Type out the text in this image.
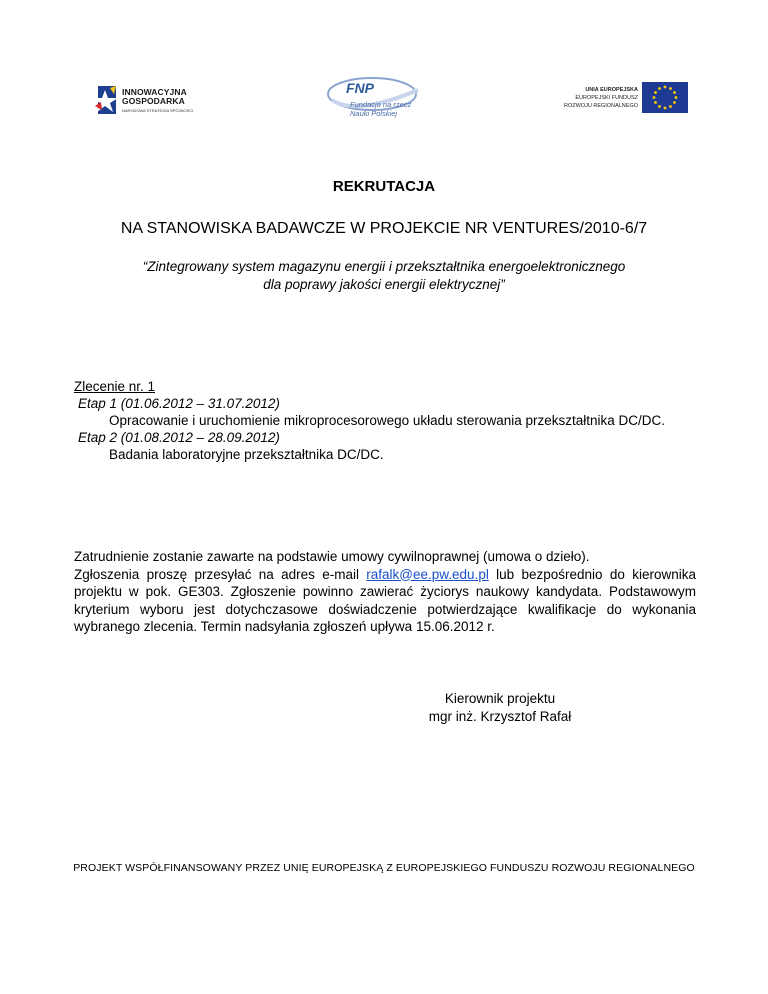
INNOWACYJNA
GOSPODARKA
NARODOWA STRATEGIA SPÓJNOŚCI
FNP
Fundacja na rzecz
Nauki Polskiej
UNIA EUROPEJSKA
EUROPEJSKI FUNDUSZ
ROZWOJU REGIONALNEGO
REKRUTACJA
NA STANOWISKA BADAWCZE W PROJEKCIE NR VENTURES/2010-6/7
“Zintegrowany system magazynu energii i przekształtnika energoelektronicznego
dla poprawy jakości energii elektrycznej”
Zlecenie nr. 1
Etap 1 (01.06.2012 – 31.07.2012)
Opracowanie i uruchomienie mikroprocesorowego układu sterowania przekształtnika DC/DC.
Etap 2 (01.08.2012 – 28.09.2012)
Badania laboratoryjne przekształtnika DC/DC.
Zatrudnienie zostanie zawarte na podstawie umowy cywilnoprawnej (umowa o dzieło).
Zgłoszenia proszę przesyłać na adres e-mail rafalk@ee.pw.edu.pl lub bezpośrednio do kierownika projektu w pok. GE303. Zgłoszenie powinno zawierać życiorys naukowy kandydata. Podstawowym kryterium wyboru jest dotychczasowe doświadczenie potwierdzające kwalifikacje do wykonania wybranego zlecenia. Termin nadsyłania zgłoszeń upływa 15.06.2012 r.
Kierownik projektu
mgr inż. Krzysztof Rafał
PROJEKT WSPÓŁFINANSOWANY PRZEZ UNIĘ EUROPEJSKĄ Z EUROPEJSKIEGO FUNDUSZU ROZWOJU REGIONALNEGO
